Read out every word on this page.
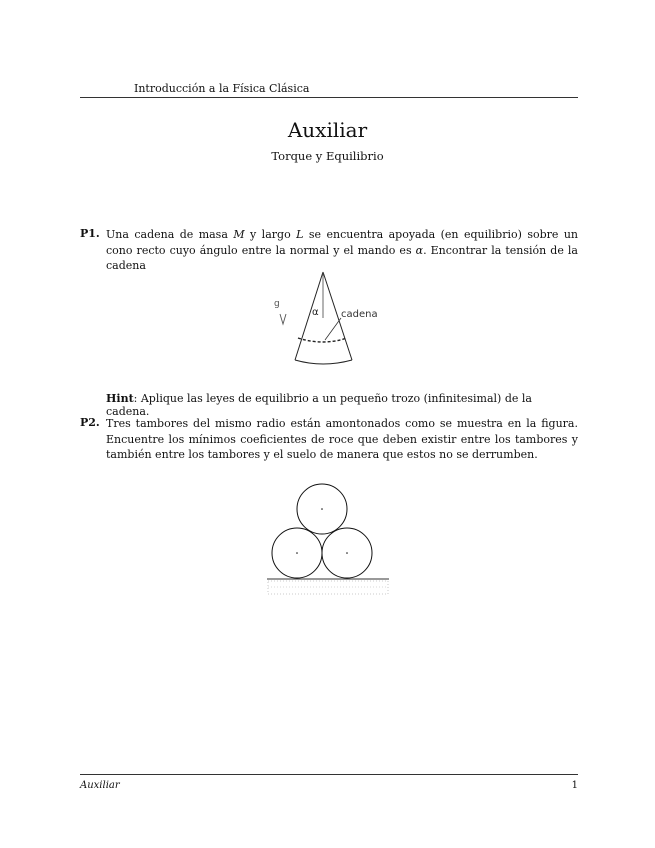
Introducción a la Física Clásica
Auxiliar
Torque y Equilibrio
P1. Una cadena de masa M y largo L se encuentra apoyada (en equilibrio) sobre un cono recto cuyo ángulo entre la normal y el mando es α. Encontrar la tensión de la cadena
g
α cadena
Hint: Aplique las leyes de equilibrio a un pequeño trozo (infinitesimal) de la cadena.
P2. Tres tambores del mismo radio están amontonados como se muestra en la figura. Encuentre los mínimos coeficientes de roce que deben existir entre los tambores y también entre los tambores y el suelo de manera que estos no se derrumben.
Auxiliar	1
